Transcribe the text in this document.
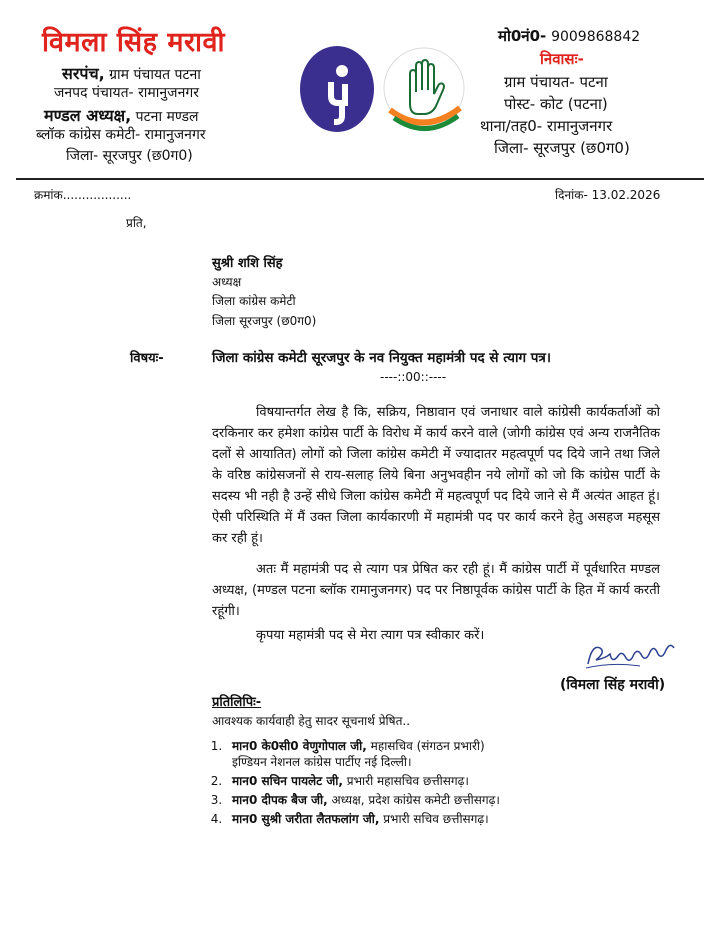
विमला सिंह मरावी
सरपंच, ग्राम पंचायत पटना
जनपद पंचायत- रामानुजनगर
मण्डल अध्यक्ष, पटना मण्डल
ब्लॉक कांग्रेस कमेटी- रामानुजनगर
जिला- सूरजपुर (छ0ग0)
मो0नं0- 9009868842
निवासः-
ग्राम पंचायत- पटना
पोस्ट- कोट (पटना)
थाना/तह0- रामानुजनगर
जिला- सूरजपुर (छ0ग0)
क्रमांक..................	दिनांक- 13.02.2026
प्रति,
सुश्री शशि सिंह
अध्यक्ष
जिला कांग्रेस कमेटी
जिला सूरजपुर (छ0ग0)
विषयः-	जिला कांग्रेस कमेटी सूरजपुर के नव नियुक्त महामंत्री पद से त्याग पत्र।
----::00::----
विषयान्तर्गत लेख है कि, सक्रिय, निष्ठावान एवं जनाधार वाले कांग्रेसी कार्यकर्ताओं को दरकिनार कर हमेशा कांग्रेस पार्टी के विरोध में कार्य करने वाले (जोगी कांग्रेस एवं अन्य राजनैतिक दलों से आयातित) लोगों को जिला कांग्रेस कमेटी में ज्यादातर महत्वपूर्ण पद दिये जाने तथा जिले के वरिष्ठ कांग्रेसजनों से राय-सलाह लिये बिना अनुभवहीन नये लोगों को जो कि कांग्रेस पार्टी के सदस्य भी नही है उन्हें सीधे जिला कांग्रेस कमेटी में महत्वपूर्ण पद दिये जाने से मैं अत्यंत आहत हूं। ऐसी परिस्थिति में मैं उक्त जिला कार्यकारणी में महामंत्री पद पर कार्य करने हेतु असहज महसूस कर रही हूं।
अतः मैं महामंत्री पद से त्याग पत्र प्रेषित कर रही हूं। मैं कांग्रेस पार्टी में पूर्वधारित मण्डल अध्यक्ष, (मण्डल पटना ब्लॉक रामानुजनगर) पद पर निष्ठापूर्वक कांग्रेस पार्टी के हित में कार्य करती रहूंगी।
कृपया महामंत्री पद से मेरा त्याग पत्र स्वीकार करें।
(विमला सिंह मरावी)
प्रतिलिपिः-
आवश्यक कार्यवाही हेतु सादर सूचनार्थ प्रेषित..
1. मान0 के0सी0 वेणुगोपाल जी, महासचिव (संगठन प्रभारी)
इण्डियन नेशनल कांग्रेस पार्टीए नई दिल्ली।
2. मान0 सचिन पायलेट जी, प्रभारी महासचिव छत्तीसगढ़।
3. मान0 दीपक बैज जी, अध्यक्ष, प्रदेश कांग्रेस कमेटी छत्तीसगढ़।
4. मान0 सुश्री जरीता लैतफलांग जी, प्रभारी सचिव छत्तीसगढ़।
